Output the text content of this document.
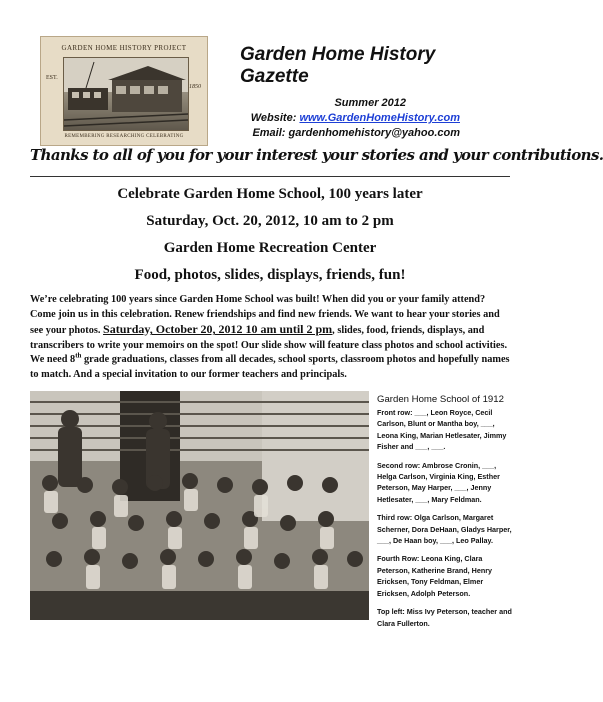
GARDEN HOME HISTORY PROJECT
EST.
1850
REMEMBERING RESEARCHING CELEBRATING
Garden Home History Gazette
Summer 2012
Website: www.GardenHomeHistory.com
Email: gardenhomehistory@yahoo.com
Thanks to all of you for your interest your stories and your contributions.
Celebrate Garden Home School, 100 years later
Saturday, Oct. 20, 2012, 10 am to 2 pm
Garden Home Recreation Center
Food, photos, slides, displays, friends, fun!
We’re celebrating 100 years since Garden Home School was built! When did you or your family attend? Come join us in this celebration. Renew friendships and find new friends. We want to hear your stories and see your photos. Saturday, October 20, 2012 10 am until 2 pm, slides, food, friends, displays, and transcribers to write your memoirs on the spot! Our slide show will feature class photos and school activities. We need 8th grade graduations, classes from all decades, school sports, classroom photos and hopefully names to match. And a special invitation to our former teachers and principals.
Garden Home School of 1912

Front row: ___, Leon Royce, Cecil Carlson, Blunt or Mantha boy, ___, Leona King, Marian Hetlesater, Jimmy Fisher and ___, ___.

Second row: Ambrose Cronin, ___, Helga Carlson, Virginia King, Esther Peterson, May Harper, ___, Jenny Hetlesater, ___, Mary Feldman.

Third row: Olga Carlson, Margaret Scherner, Dora DeHaan, Gladys Harper, ___, De Haan boy, ___, Leo Pallay.

Fourth Row: Leona King, Clara Peterson, Katherine Brand, Henry Ericksen, Tony Feldman, Elmer Ericksen, Adolph Peterson.

Top left: Miss Ivy Peterson, teacher and Clara Fullerton.
